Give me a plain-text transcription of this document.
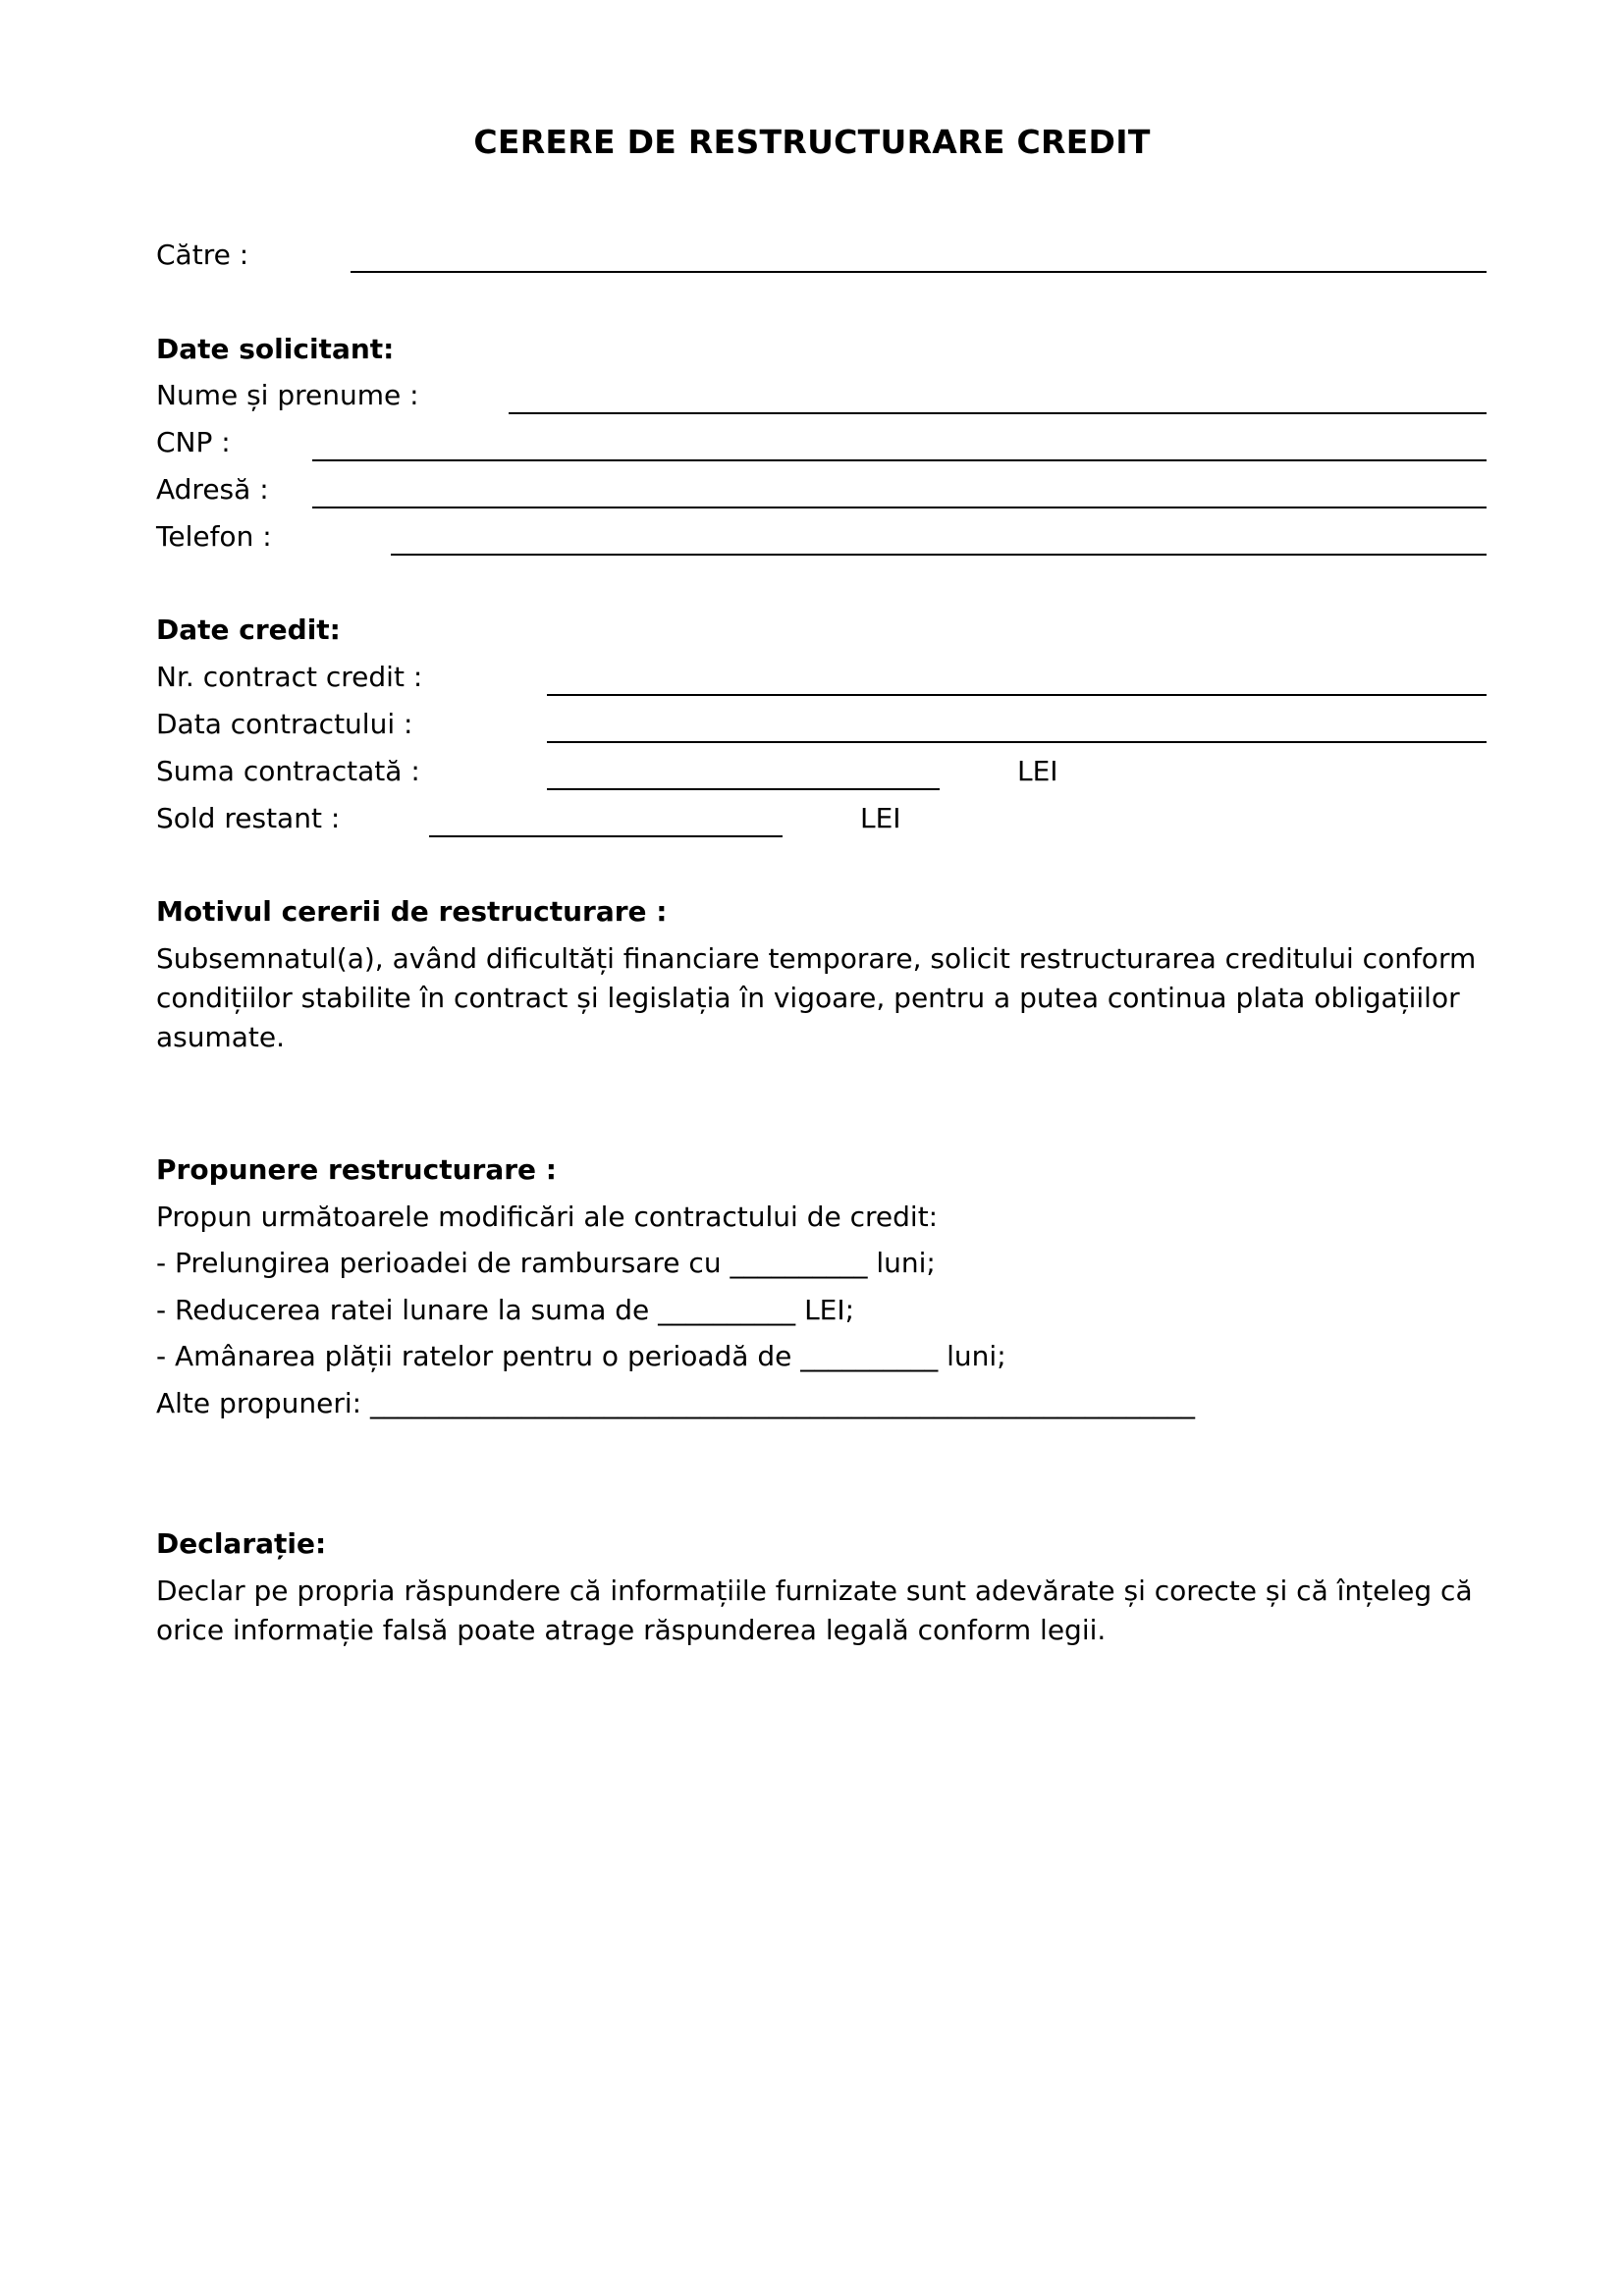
CERERE DE RESTRUCTURARE CREDIT
Către :
Date solicitant:
Nume și prenume :
CNP :
Adresă :
Telefon :
Date credit:
Nr. contract credit :
Data contractului :
Suma contractată :	LEI
Sold restant :	LEI
Motivul cererii de restructurare :
Subsemnatul(a), având dificultăți financiare temporare, solicit restructurarea creditului conform condițiilor stabilite în contract și legislația în vigoare, pentru a putea continua plata obligațiilor asumate.
Propunere restructurare :
Propun următoarele modificări ale contractului de credit:
- Prelungirea perioadei de rambursare cu __________ luni;
- Reducerea ratei lunare la suma de __________ LEI;
- Amânarea plății ratelor pentru o perioadă de __________ luni;
Alte propuneri: ____________________________________________________________
Declarație:
Declar pe propria răspundere că informațiile furnizate sunt adevărate și corecte și că înțeleg că orice informație falsă poate atrage răspunderea legală conform legii.
